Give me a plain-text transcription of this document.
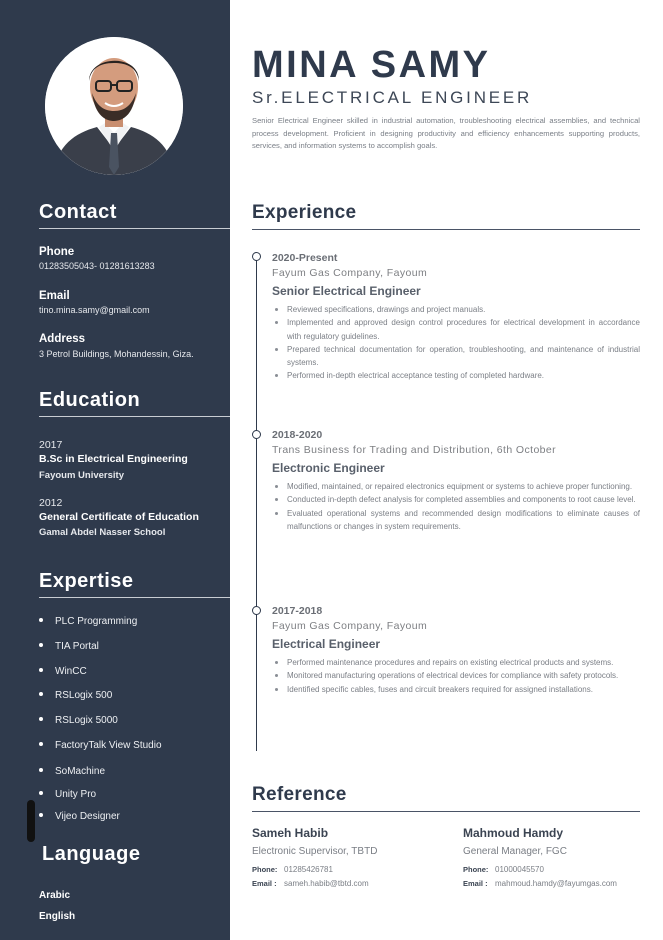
Contact
Phone
01283505043- 01281613283
Email
tino.mina.samy@gmail.com
Address
3 Petrol Buildings, Mohandessin, Giza.
Education
2017
B.Sc in Electrical Engineering
Fayoum University
2012
General Certificate of Education
Gamal Abdel Nasser School
Expertise
PLC Programming
TIA Portal
WinCC
RSLogix 500
RSLogix 5000
FactoryTalk View Studio
SoMachine
Unity Pro
Vijeo Designer
Language
Arabic
English
MINA SAMY
Sr.ELECTRICAL ENGINEER
Senior Electrical Engineer skilled in industrial automation, troubleshooting electrical assemblies, and technical process development. Proficient in designing productivity and efficiency enhancements supporting products, services, and information systems to accomplish goals.
Experience
2020-Present
Fayum Gas Company, Fayoum
Senior Electrical Engineer
Reviewed specifications, drawings and project manuals.
Implemented and approved design control procedures for electrical development in accordance with regulatory guidelines.
Prepared technical documentation for operation, troubleshooting, and maintenance of industrial systems.
Performed in-depth electrical acceptance testing of completed hardware.
2018-2020
Trans Business for Trading and Distribution, 6th October
Electronic Engineer
Modified, maintained, or repaired electronics equipment or systems to achieve proper functioning.
Conducted in-depth defect analysis for completed assemblies and components to root cause level.
Evaluated operational systems and recommended design modifications to eliminate causes of malfunctions or changes in system requirements.
2017-2018
Fayum Gas Company, Fayoum
Electrical Engineer
Performed maintenance procedures and repairs on existing electrical products and systems.
Monitored manufacturing operations of electrical devices for compliance with safety protocols.
Identified specific cables, fuses and circuit breakers required for assigned installations.
Reference
Sameh Habib
Electronic Supervisor, TBTD
Phone: 01285426781
Email : sameh.habib@tbtd.com
Mahmoud Hamdy
General Manager, FGC
Phone: 01000045570
Email : mahmoud.hamdy@fayumgas.com
